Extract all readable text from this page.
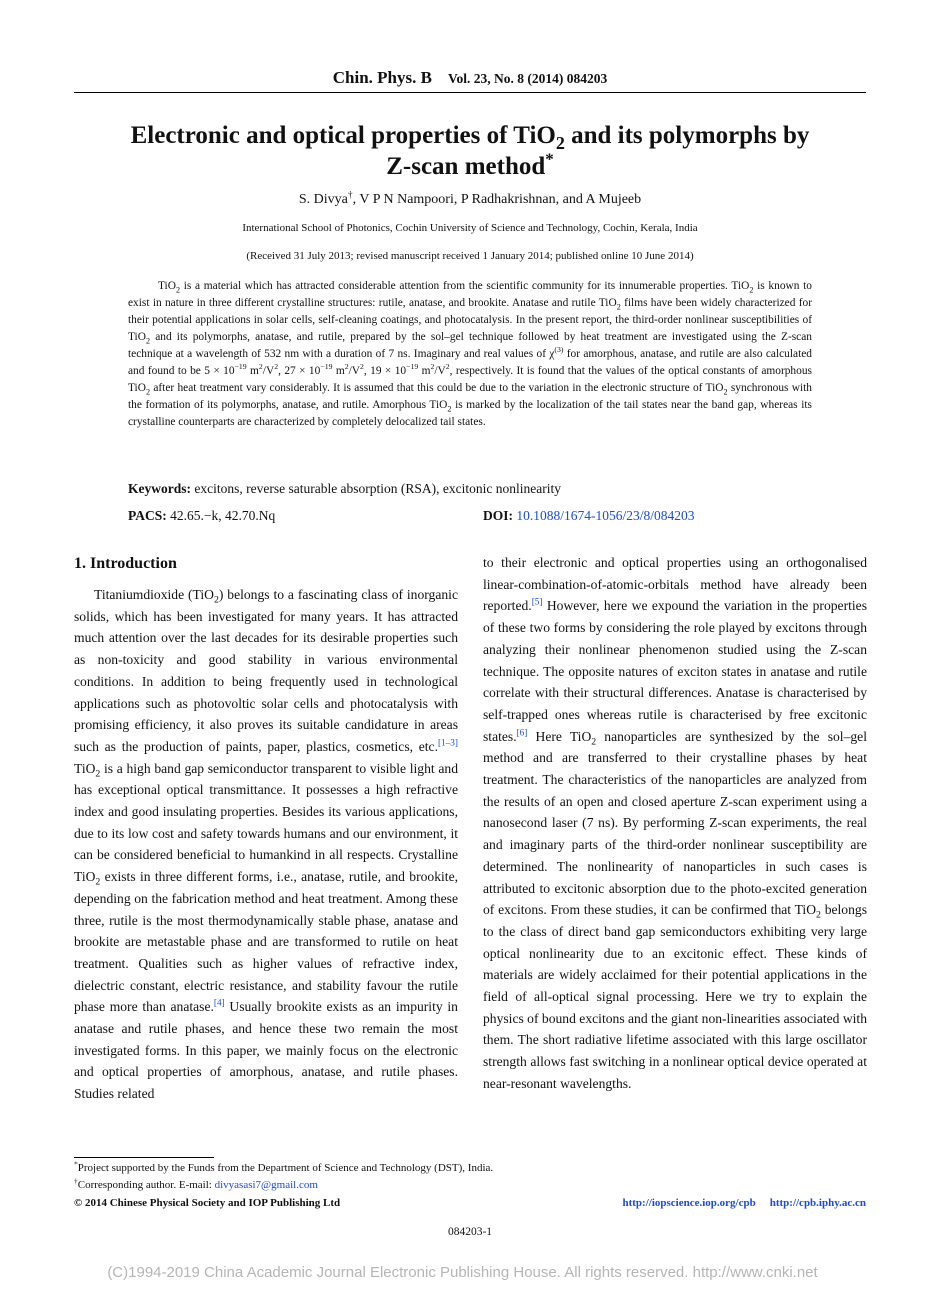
Chin. Phys. B Vol. 23, No. 8 (2014) 084203
Electronic and optical properties of TiO$_2$ and its polymorphs by
Z-scan method*
S. Divya†, V P N Nampoori, P Radhakrishnan, and A Mujeeb
International School of Photonics, Cochin University of Science and Technology, Cochin, Kerala, India
(Received 31 July 2013; revised manuscript received 1 January 2014; published online 10 June 2014)

TiO$_2$ is a material which has attracted considerable attention from the scientific community for its innumerable properties. TiO$_2$ is known to exist in nature in three different crystalline structures: rutile, anatase, and brookite. Anatase and rutile TiO$_2$ films have been widely characterized for their potential applications in solar cells, self-cleaning coatings, and photocatalysis. In the present report, the third-order nonlinear susceptibilities of TiO$_2$ and its polymorphs, anatase, and rutile, prepared by the sol–gel technique followed by heat treatment are investigated using the Z-scan technique at a wavelength of 532 nm with a duration of 7 ns. Imaginary and real values of $\chi^{(3)}$ for amorphous, anatase, and rutile are also calculated and found to be $5 \times 10^{-19}$ $m^2/V^2$, $27 \times 10^{-19}$ $m^2/V^2$, $19 \times 10^{-19}$ $m^2/V^2$, respectively. It is found that the values of the optical constants of amorphous TiO$_2$ after heat treatment vary considerably. It is assumed that this could be due to the variation in the electronic structure of TiO$_2$ synchronous with the formation of its polymorphs, anatase, and rutile. Amorphous TiO$_2$ is marked by the localization of the tail states near the band gap, whereas its crystalline counterparts are characterized by completely delocalized tail states.

Keywords: excitons, reverse saturable absorption (RSA), excitonic nonlinearity
PACS: 42.65.−k, 42.70.Nq	DOI: 10.1088/1674-1056/23/8/084203
1. Introduction

Titaniumdioxide (TiO$_2$) belongs to a fascinating class of inorganic solids, which has been investigated for many years. It has attracted much attention over the last decades for its desirable properties such as non-toxicity and good stability in various environmental conditions. In addition to being frequently used in technological applications such as photovoltic solar cells and photocatalysis with promising efficiency, it also proves its suitable candidature in areas such as the production of paints, paper, plastics, cosmetics, etc.[1–3] TiO$_2$ is a high band gap semiconductor transparent to visible light and has exceptional optical transmittance. It possesses a high refractive index and good insulating properties. Besides its various applications, due to its low cost and safety towards humans and our environment, it can be considered beneficial to humankind in all respects. Crystalline TiO$_2$ exists in three different forms, i.e., anatase, rutile, and brookite, depending on the fabrication method and heat treatment. Among these three, rutile is the most thermodynamically stable phase, anatase and brookite are metastable phase and are transformed to rutile on heat treatment. Qualities such as higher values of refractive index, dielectric constant, electric resistance, and stability favour the rutile phase more than anatase.[4] Usually brookite exists as an impurity in anatase and rutile phases, and hence these two remain the most investigated forms. In this paper, we mainly focus on the electronic and optical properties of amorphous, anatase, and rutile phases. Studies related

to their electronic and optical properties using an orthogonalised linear-combination-of-atomic-orbitals method have already been reported.[5] However, here we expound the variation in the properties of these two forms by considering the role played by excitons through analyzing their nonlinear phenomenon studied using the Z-scan technique. The opposite natures of exciton states in anatase and rutile correlate with their structural differences. Anatase is characterised by self-trapped ones whereas rutile is characterised by free excitonic states.[6] Here TiO$_2$ nanoparticles are synthesized by the sol–gel method and are transferred to their crystalline phases by heat treatment. The characteristics of the nanoparticles are analyzed from the results of an open and closed aperture Z-scan experiment using a nanosecond laser (7 ns). By performing Z-scan experiments, the real and imaginary parts of the third-order nonlinear susceptibility are determined. The nonlinearity of nanoparticles in such cases is attributed to excitonic absorption due to the photo-excited generation of excitons. From these studies, it can be confirmed that TiO$_2$ belongs to the class of direct band gap semiconductors exhibiting very large optical nonlinearity due to an excitonic effect. These kinds of materials are widely acclaimed for their potential applications in the field of all-optical signal processing. Here we try to explain the physics of bound excitons and the giant non-linearities associated with them. The short radiative lifetime associated with this large oscillator strength allows fast switching in a nonlinear optical device operated at near-resonant wavelengths.

*Project supported by the Funds from the Department of Science and Technology (DST), India.
†Corresponding author. E-mail: divyasasi7@gmail.com
© 2014 Chinese Physical Society and IOP Publishing Ltd	http://iopscience.iop.org/cpb http://cpb.iphy.ac.cn
084203-1
(C)1994-2019 China Academic Journal Electronic Publishing House. All rights reserved. http://www.cnki.net
